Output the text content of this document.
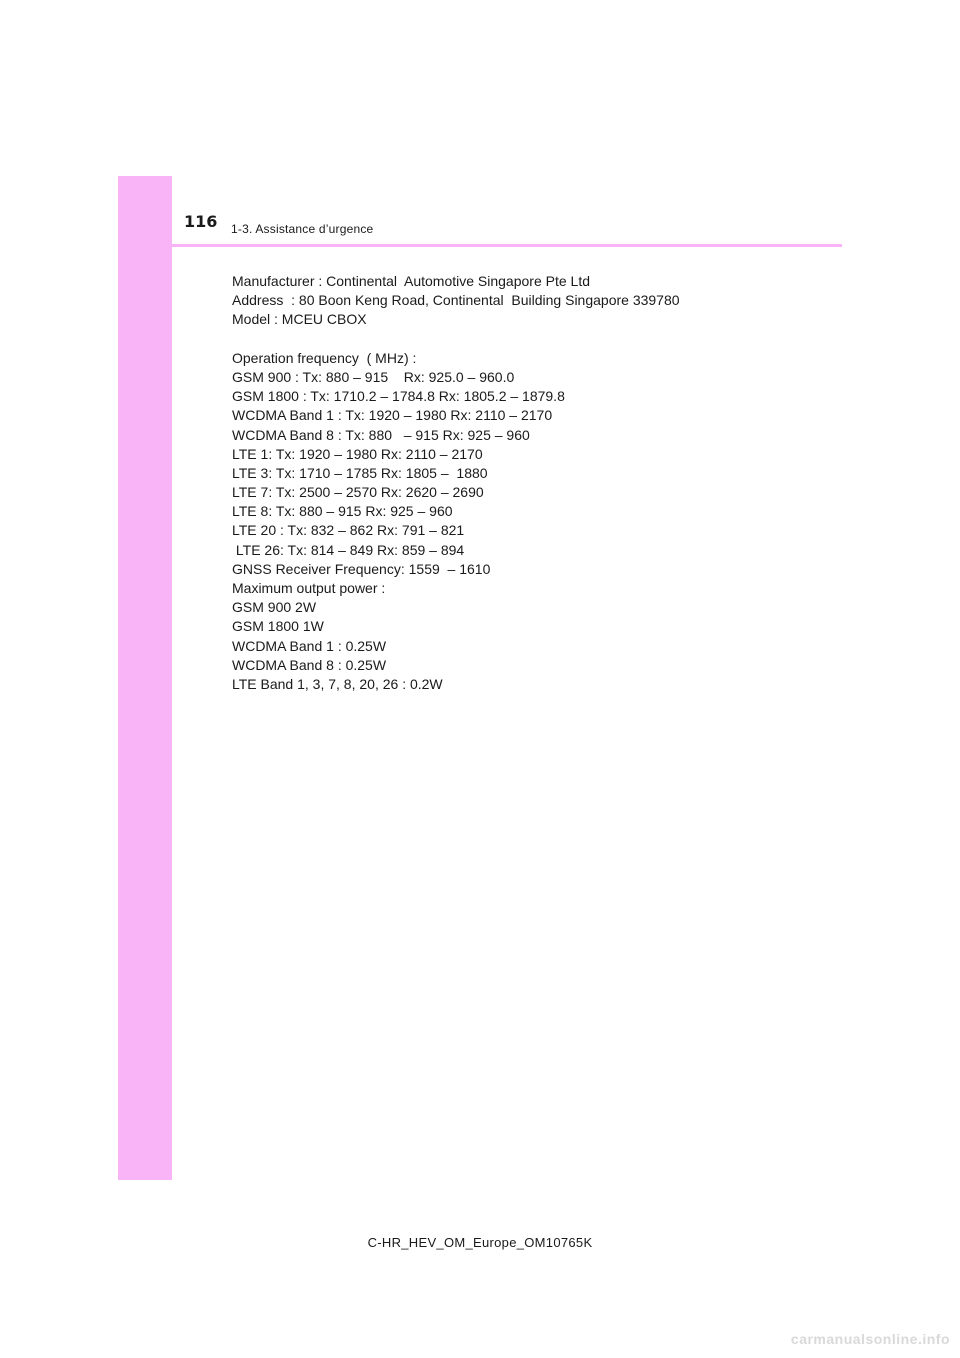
116 1-3. Assistance d’urgence
Manufacturer : Continental  Automotive Singapore Pte Ltd
Address  : 80 Boon Keng Road, Continental  Building Singapore 339780
Model : MCEU CBOX
Operation frequency  ( MHz) :
GSM 900 : Tx: 880 – 915    Rx: 925.0 – 960.0
GSM 1800 : Tx: 1710.2 – 1784.8 Rx: 1805.2 – 1879.8
WCDMA Band 1 : Tx: 1920 – 1980 Rx: 2110 – 2170
WCDMA Band 8 : Tx: 880   – 915 Rx: 925 – 960
LTE 1: Tx: 1920 – 1980 Rx: 2110 – 2170
LTE 3: Tx: 1710 – 1785 Rx: 1805 –  1880
LTE 7: Tx: 2500 – 2570 Rx: 2620 – 2690
LTE 8: Tx: 880 – 915 Rx: 925 – 960
LTE 20 : Tx: 832 – 862 Rx: 791 – 821
LTE 26: Tx: 814 – 849 Rx: 859 – 894
GNSS Receiver Frequency: 1559  – 1610
Maximum output power :
GSM 900 2W
GSM 1800 1W
WCDMA Band 1 : 0.25W
WCDMA Band 8 : 0.25W
LTE Band 1, 3, 7, 8, 20, 26 : 0.2W
C-HR_HEV_OM_Europe_OM10765K
carmanualsonline.info
